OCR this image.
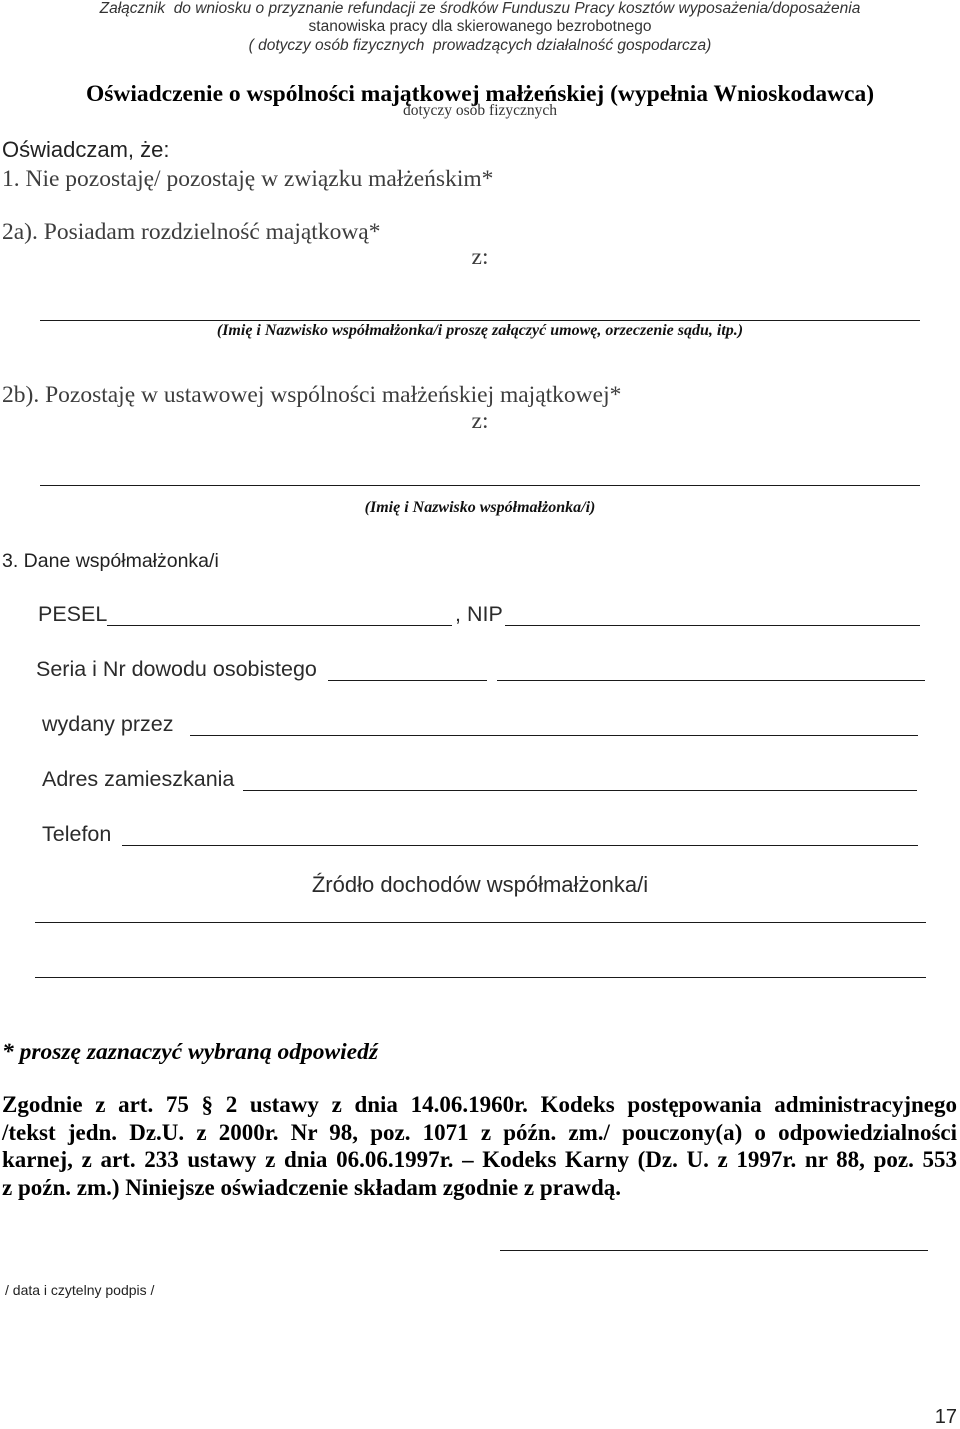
Załącznik  do wniosku o przyznanie refundacji ze środków Funduszu Pracy kosztów wyposażenia/doposażenia
stanowiska pracy dla skierowanego bezrobotnego
( dotyczy osób fizycznych  prowadzących działalność gospodarcza)
Oświadczenie o wspólności majątkowej małżeńskiej (wypełnia Wnioskodawca)
dotyczy osób fizycznych
Oświadczam, że:
1. Nie pozostaję/ pozostaję w związku małżeńskim*
2a). Posiadam rozdzielność majątkową*
z:
(Imię i Nazwisko współmałżonka/i proszę załączyć umowę, orzeczenie sądu, itp.)
2b). Pozostaję w ustawowej wspólności małżeńskiej majątkowej*
z:
(Imię i Nazwisko współmałżonka/i)
3. Dane współmałżonka/i
PESEL	, NIP
Seria i Nr dowodu osobistego
wydany przez
Adres zamieszkania
Telefon
Źródło dochodów współmałżonka/i
* proszę zaznaczyć wybraną odpowiedź
Zgodnie z art. 75 § 2 ustawy z dnia 14.06.1960r. Kodeks postępowania administracyjnego
/tekst jedn. Dz.U. z 2000r. Nr 98, poz. 1071 z późn. zm./ pouczony(a) o odpowiedzialności
karnej, z art. 233 ustawy z dnia 06.06.1997r. – Kodeks Karny (Dz. U. z 1997r. nr 88, poz. 553
z poźn. zm.) Niniejsze oświadczenie składam zgodnie z prawdą.
/ data i czytelny podpis /
17
